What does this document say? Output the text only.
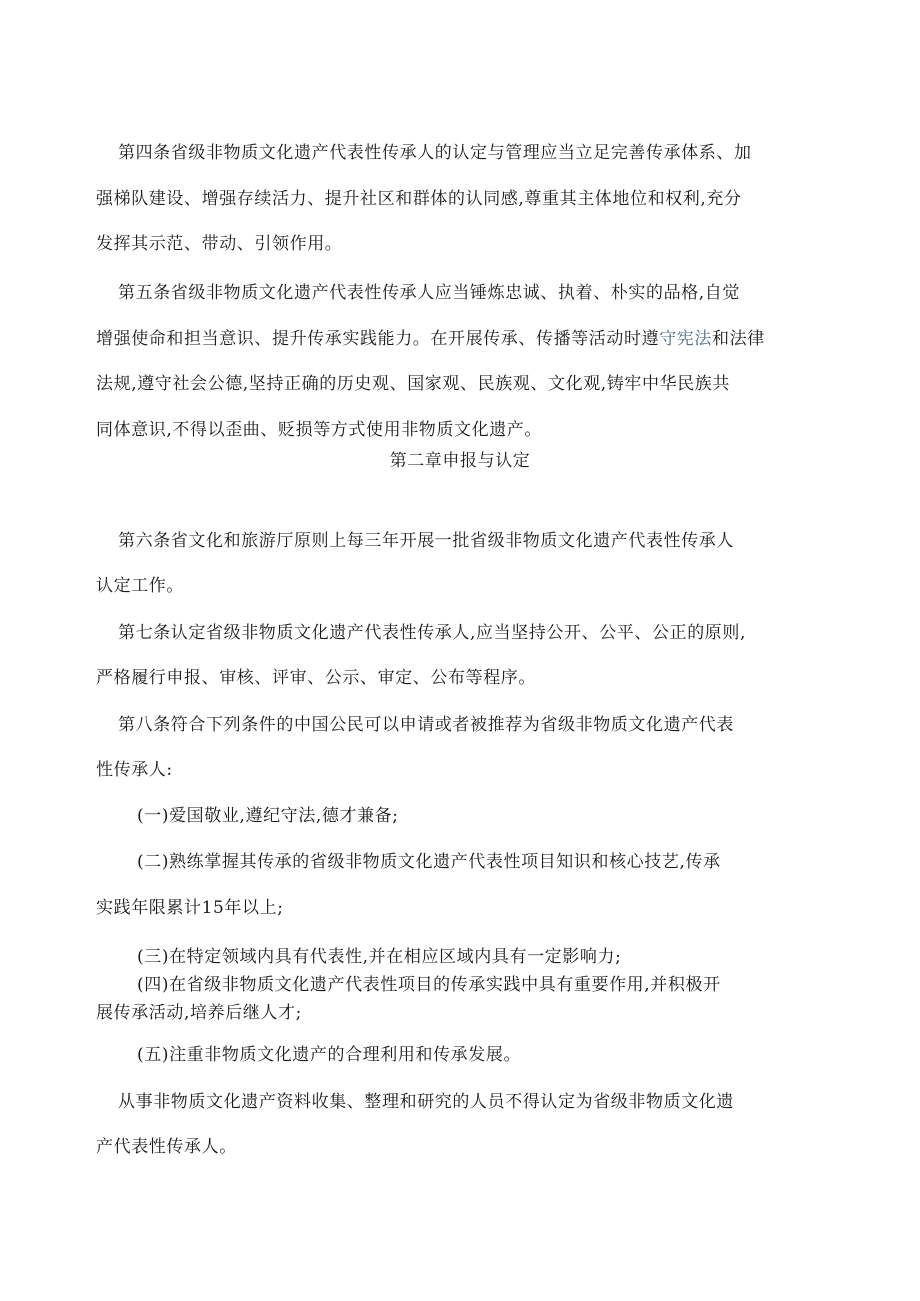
第四条省级非物质文化遗产代表性传承人的认定与管理应当立足完善传承体系、加
强梯队建设、增强存续活力、提升社区和群体的认同感,尊重其主体地位和权利,充分
发挥其示范、带动、引领作用。
第五条省级非物质文化遗产代表性传承人应当锤炼忠诚、执着、朴实的品格,自觉
增强使命和担当意识、提升传承实践能力。在开展传承、传播等活动时遵守宪法和法律
法规,遵守社会公德,坚持正确的历史观、国家观、民族观、文化观,铸牢中华民族共
同体意识,不得以歪曲、贬损等方式使用非物质文化遗产。
第二章申报与认定
第六条省文化和旅游厅原则上每三年开展一批省级非物质文化遗产代表性传承人
认定工作。
第七条认定省级非物质文化遗产代表性传承人,应当坚持公开、公平、公正的原则,
严格履行申报、审核、评审、公示、审定、公布等程序。
第八条符合下列条件的中国公民可以申请或者被推荐为省级非物质文化遗产代表
性传承人:
(一)爱国敬业,遵纪守法,德才兼备;
(二)熟练掌握其传承的省级非物质文化遗产代表性项目知识和核心技艺,传承
实践年限累计15年以上;
(三)在特定领域内具有代表性,并在相应区域内具有一定影响力;
(四)在省级非物质文化遗产代表性项目的传承实践中具有重要作用,并积极开
展传承活动,培养后继人才;
(五)注重非物质文化遗产的合理利用和传承发展。
从事非物质文化遗产资料收集、整理和研究的人员不得认定为省级非物质文化遗
产代表性传承人。
